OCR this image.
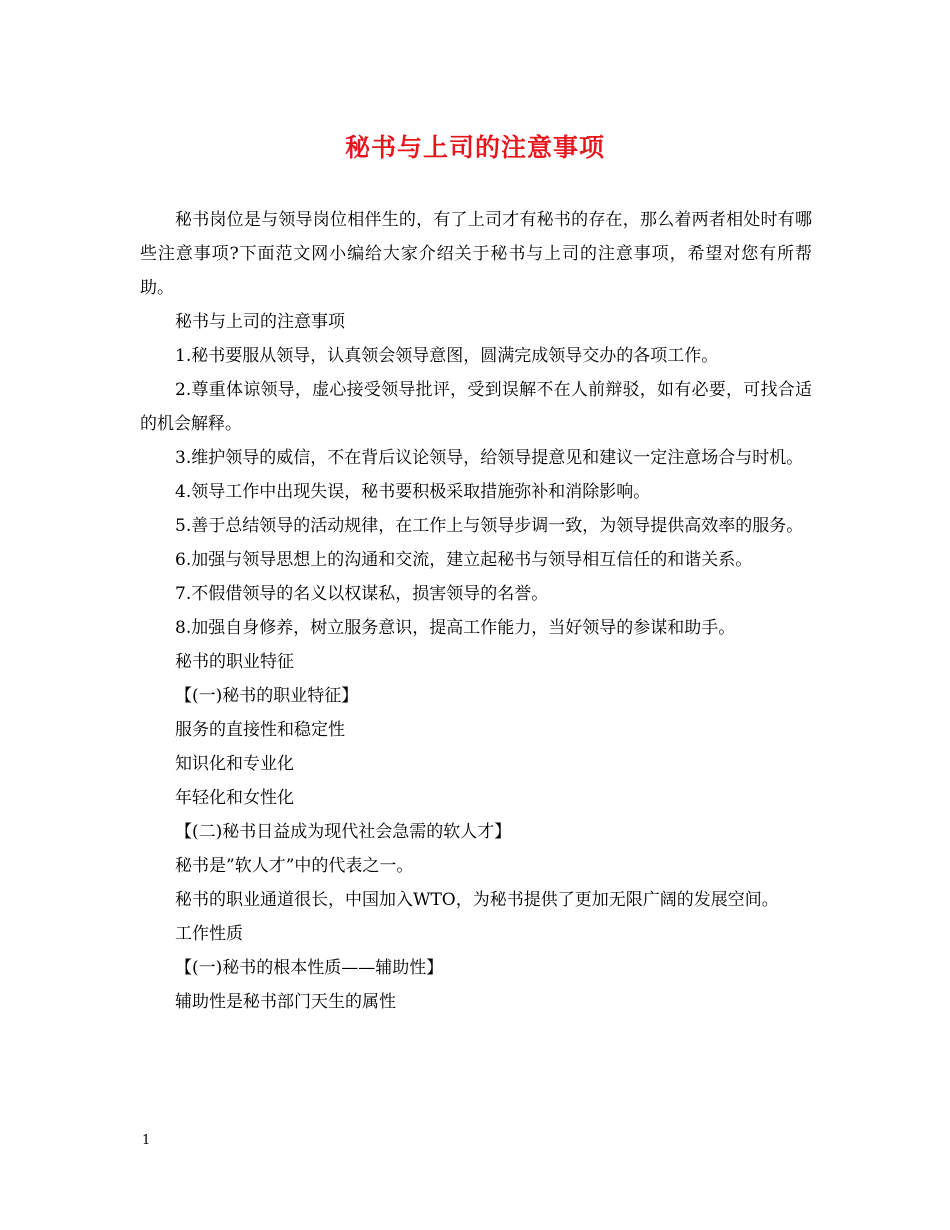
秘书与上司的注意事项

秘书岗位是与领导岗位相伴生的，有了上司才有秘书的存在，那么着两者相处时有哪些注意事项?下面范文网小编给大家介绍关于秘书与上司的注意事项，希望对您有所帮助。

秘书与上司的注意事项

1.秘书要服从领导，认真领会领导意图，圆满完成领导交办的各项工作。

2.尊重体谅领导，虚心接受领导批评，受到误解不在人前辩驳，如有必要，可找合适的机会解释。

3.维护领导的威信，不在背后议论领导，给领导提意见和建议一定注意场合与时机。

4.领导工作中出现失误，秘书要积极采取措施弥补和消除影响。

5.善于总结领导的活动规律，在工作上与领导步调一致，为领导提供高效率的服务。

6.加强与领导思想上的沟通和交流，建立起秘书与领导相互信任的和谐关系。

7.不假借领导的名义以权谋私，损害领导的名誉。

8.加强自身修养，树立服务意识，提高工作能力，当好领导的参谋和助手。

秘书的职业特征

【(一)秘书的职业特征】

服务的直接性和稳定性

知识化和专业化

年轻化和女性化

【(二)秘书日益成为现代社会急需的软人才】

秘书是”软人才”中的代表之一。

秘书的职业通道很长，中国加入WTO，为秘书提供了更加无限广阔的发展空间。

工作性质

【(一)秘书的根本性质——辅助性】

辅助性是秘书部门天生的属性

1
